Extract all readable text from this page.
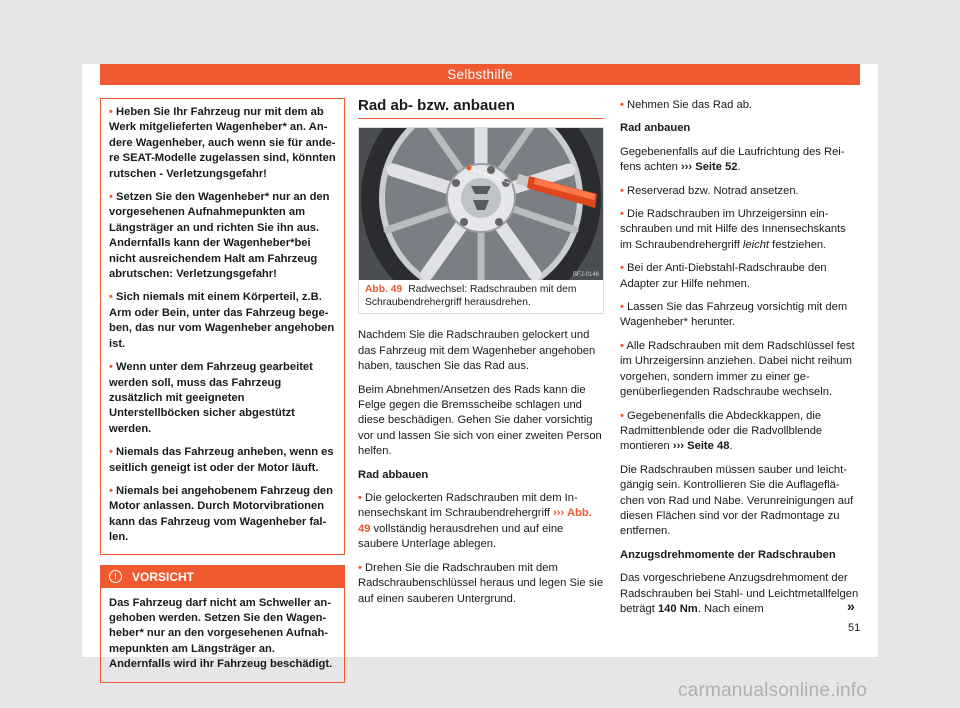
Selbsthilfe

• Heben Sie Ihr Fahrzeug nur mit dem ab Werk mitgelieferten Wagenheber* an. Andere Wagenheber, auch wenn sie für andere SEAT-Modelle zugelassen sind, könnten rutschen - Verletzungsgefahr!

• Setzen Sie den Wagenheber* nur an den vorgesehenen Aufnahmepunkten am Längsträger an und richten Sie ihn aus. Andernfalls kann der Wagenheber*bei nicht ausreichendem Halt am Fahrzeug abrutschen: Verletzungsgefahr!

• Sich niemals mit einem Körperteil, z.B. Arm oder Bein, unter das Fahrzeug begeben, das nur vom Wagenheber angehoben ist.

• Wenn unter dem Fahrzeug gearbeitet werden soll, muss das Fahrzeug zusätzlich mit geeigneten Unterstellböcken sicher abgestützt werden.

• Niemals das Fahrzeug anheben, wenn es seitlich geneigt ist oder der Motor läuft.

• Niemals bei angehobenem Fahrzeug den Motor anlassen. Durch Motorvibrationen kann das Fahrzeug vom Wagenheber fallen.

!	VORSICHT
Das Fahrzeug darf nicht am Schweller angehoben werden. Setzen Sie den Wagenheber* nur an den vorgesehenen Aufnahmepunkten am Längsträger an. Andernfalls wird ihr Fahrzeug beschädigt.
Rad ab- bzw. anbauen
BFJ-0146
Abb. 49 Radwechsel: Radschrauben mit dem Schraubendrehergriff herausdrehen.

Nachdem Sie die Radschrauben gelockert und das Fahrzeug mit dem Wagenheber angehoben haben, tauschen Sie das Rad aus.

Beim Abnehmen/Ansetzen des Rads kann die Felge gegen die Bremsscheibe schlagen und diese beschädigen. Gehen Sie daher vorsichtig vor und lassen Sie sich von einer zweiten Person helfen.

Rad abbauen

• Die gelockerten Radschrauben mit dem Innensechskant im Schraubendrehergriff ››› Abb. 49 vollständig herausdrehen und auf eine saubere Unterlage ablegen.

• Drehen Sie die Radschrauben mit dem Radschraubenschlüssel heraus und legen Sie sie auf einen sauberen Untergrund.

• Nehmen Sie das Rad ab.

Rad anbauen

Gegebenenfalls auf die Laufrichtung des Reifens achten ››› Seite 52.

• Reserverad bzw. Notrad ansetzen.

• Die Radschrauben im Uhrzeigersinn einschrauben und mit Hilfe des Innensechskants im Schraubendrehergriff leicht festziehen.

• Bei der Anti-Diebstahl-Radschraube den Adapter zur Hilfe nehmen.

• Lassen Sie das Fahrzeug vorsichtig mit dem Wagenheber* herunter.

• Alle Radschrauben mit dem Radschlüssel fest im Uhrzeigersinn anziehen. Dabei nicht reihum vorgehen, sondern immer zu einer gegenüberliegenden Radschraube wechseln.

• Gegebenenfalls die Abdeckkappen, die Radmittenblende oder die Radvollblende montieren ››› Seite 48.

Die Radschrauben müssen sauber und leichtgängig sein. Kontrollieren Sie die Auflageflächen von Rad und Nabe. Verunreinigungen auf diesen Flächen sind vor der Radmontage zu entfernen.

Anzugsdrehmomente der Radschrauben

Das vorgeschriebene Anzugsdrehmoment der Radschrauben bei Stahl- und Leichtmetallfelgen beträgt 140 Nm. Nach einem	»
51
carmanualsonline.info
